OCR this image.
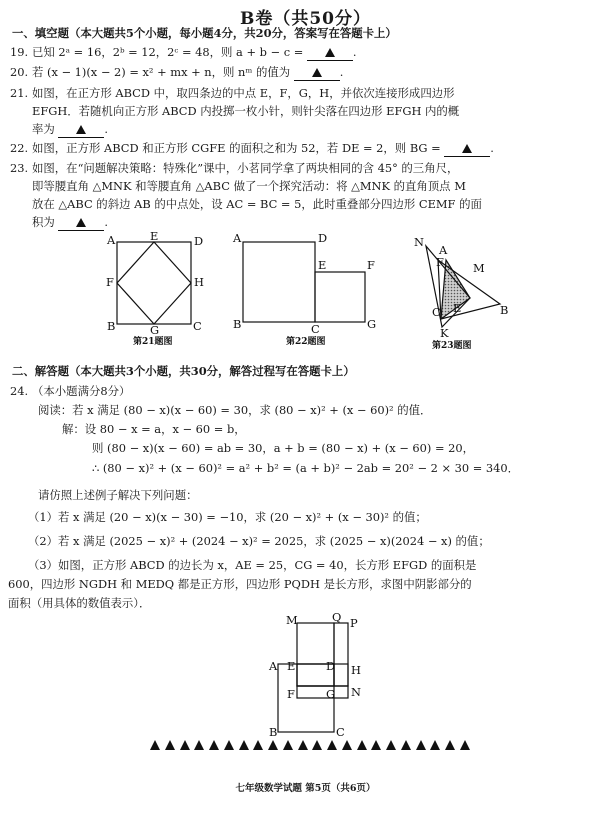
B卷（共50分）
一、填空题（本大题共5个小题，每小题4分，共20分，答案写在答题卡上）
19. 已知 2ᵃ = 16，2ᵇ = 12，2ᶜ = 48，则 a + b − c =	.
20. 若 (x − 1)(x − 2) = x² + mx + n，则 nᵐ 的值为	.
21. 如图，在正方形 ABCD 中，取四条边的中点 E，F，G，H，并依次连接形成四边形
EFGH．若随机向正方形 ABCD 内投掷一枚小针，则针尖落在四边形 EFGH 内的概
率为	.
22. 如图，正方形 ABCD 和正方形 CGFE 的面积之和为 52，若 DE = 2，则 BG =	.
23. 如图，在“问题解决策略：特殊化”课中，小茗同学拿了两块相同的含 45° 的三角尺，
即等腰直角 △MNK 和等腰直角 △ABC 做了一个探究活动：将 △MNK 的直角顶点 M
放在 △ABC 的斜边 AB 的中点处，设 AC = BC = 5，此时重叠部分四边形 CEMF 的面
积为	.
A	E	D
F	H
B	G	C
第21题图
A	D
E	F
B	C	G
第22题图
N
A
F	M
C E	B
K
第23题图
二、解答题（本大题共3个小题，共30分，解答过程写在答题卡上）
24. （本小题满分8分）
阅读：若 x 满足 (80 − x)(x − 60) = 30，求 (80 − x)² + (x − 60)² 的值．
解：设 80 − x = a，x − 60 = b，
则 (80 − x)(x − 60) = ab = 30，a + b = (80 − x) + (x − 60) = 20，
∴ (80 − x)² + (x − 60)² = a² + b² = (a + b)² − 2ab = 20² − 2 × 30 = 340．
请仿照上述例子解决下列问题：
（1）若 x 满足 (20 − x)(x − 30) = −10，求 (20 − x)² + (x − 30)² 的值；
（2）若 x 满足 (2025 − x)² + (2024 − x)² = 2025，求 (2025 − x)(2024 − x) 的值；
（3）如图，正方形 ABCD 的边长为 x，AE = 25，CG = 40，长方形 EFGD 的面积是
600，四边形 NGDH 和 MEDQ 都是正方形，四边形 PQDH 是长方形，求图中阴影部分的
面积（用具体的数值表示）．
M	Q P
A E	D H
F	G N
B	C
七年级数学试题 第5页（共6页）
